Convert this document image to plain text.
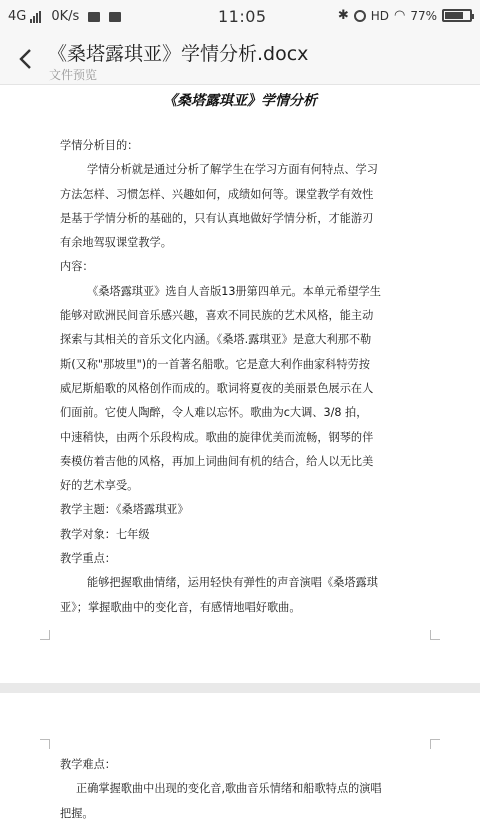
4G 0K/s	11:05	✱ HD ◠ 77%
《桑塔露琪亚》学情分析.docx
文件预览
《桑塔露琪亚》学情分析

学情分析目的：

学情分析就是通过分析了解学生在学习方面有何特点、学习

方法怎样、习惯怎样、兴趣如何，成绩如何等。课堂教学有效性

是基于学情分析的基础的，只有认真地做好学情分析，才能游刃

有余地驾驭课堂教学。

内容：

《桑塔露琪亚》选自人音版13册第四单元。本单元希望学生

能够对欧洲民间音乐感兴趣，喜欢不同民族的艺术风格，能主动

探索与其相关的音乐文化内涵。《桑塔.露琪亚》是意大利那不勒

斯(又称"那坡里")的一首著名船歌。它是意大利作曲家科特劳按

威尼斯船歌的风格创作而成的。歌词将夏夜的美丽景色展示在人

们面前。它使人陶醉，令人难以忘怀。歌曲为c大调、3/8 拍，

中速稍快，由两个乐段构成。歌曲的旋律优美而流畅，钢琴的伴

奏模仿着吉他的风格，再加上词曲间有机的结合，给人以无比美

好的艺术享受。

教学主题：《桑塔露琪亚》

教学对象：七年级

教学重点：

能够把握歌曲情绪，运用轻快有弹性的声音演唱《桑塔露琪

亚》；掌握歌曲中的变化音，有感情地唱好歌曲。

教学难点：

正确掌握歌曲中出现的变化音,歌曲音乐情绪和船歌特点的演唱

把握。
